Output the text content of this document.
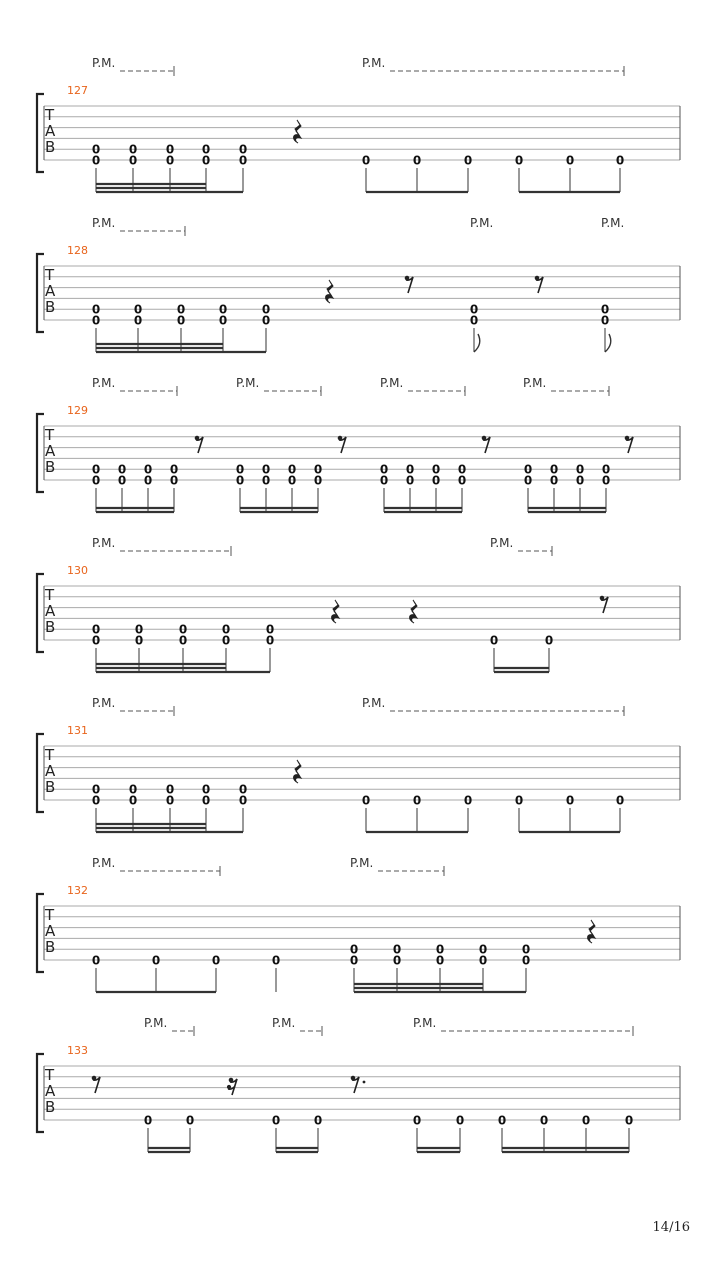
T
A
B
127
P.M.	P.M.
0
0
0
0
0
0
0
0
0
0	0	0	0	0	0	0
T
A
B
128
P.M.	P.M.	P.M.
0
0
0
0
0
0
0
0
0
0
0
0
0
0
T
A
B
129
P.M.	P.M.	P.M.	P.M.
0
0
0
0
0
0
0
0
0
0
0
0
0
0
0
0
0
0
0
0
0
0
0
0
0
0
0
0
0
0
0
0
T
A
B
130
P.M.	P.M.
0
0
0
0
0
0
0
0
0
0	0	0
T
A
B
131
P.M.	P.M.
0
0
0
0
0
0
0
0
0
0	0	0	0	0	0	0
T
A
B
132
P.M.	P.M.
0
0
0
0
0
0
0
0
0
0
0	0	0	0
T
A
B
133
P.M.	P.M.	P.M.
0	0	0	0	0	0	0	0	0	0
14/16
